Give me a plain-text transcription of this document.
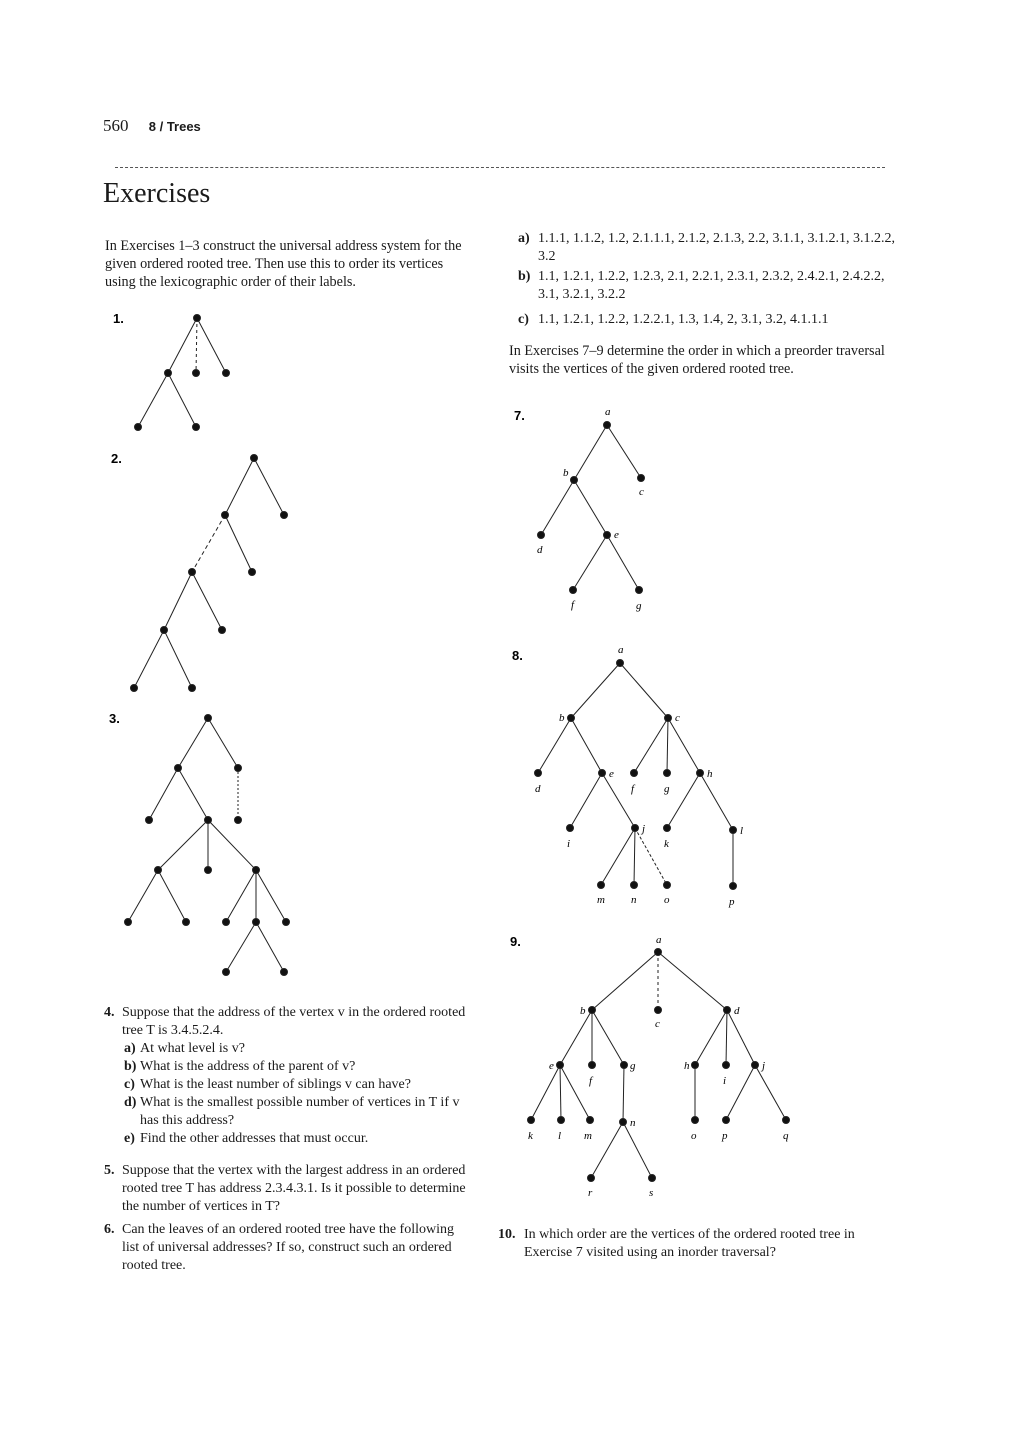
560 8 / Trees
Exercises

In Exercises 1–3 construct the universal address system for the given ordered rooted tree. Then use this to order its vertices using the lexicographic order of their labels.

a) 1.1.1, 1.1.2, 1.2, 2.1.1.1, 2.1.2, 2.1.3, 2.2, 3.1.1, 3.1.2.1, 3.1.2.2, 3.2
b) 1.1, 1.2.1, 1.2.2, 1.2.3, 2.1, 2.2.1, 2.3.1, 2.3.2, 2.4.2.1, 2.4.2.2, 3.1, 3.2.1, 3.2.2
c) 1.1, 1.2.1, 1.2.2, 1.2.2.1, 1.3, 1.4, 2, 3.1, 3.2, 4.1.1.1

In Exercises 7–9 determine the order in which a preorder traversal visits the vertices of the given ordered rooted tree.

1.
2.
3.
7.
8.
9.
a
b
c
d
e
f	g
a
b	c
d
e
f	g
h
i
j
k
l
m n	o	p
a
b
c
d
e
f
g	h
i
j
k l m
n
o p	q
r	s
4. Suppose that the address of the vertex v in the ordered rooted tree T is 3.4.5.2.4.
a) At what level is v?
b) What is the address of the parent of v?
c) What is the least number of siblings v can have?
d) What is the smallest possible number of vertices in T if v has this address?
e) Find the other addresses that must occur.
5. Suppose that the vertex with the largest address in an ordered rooted tree T has address 2.3.4.3.1. Is it possible to determine the number of vertices in T?
6. Can the leaves of an ordered rooted tree have the following list of universal addresses? If so, construct such an ordered rooted tree.
10. In which order are the vertices of the ordered rooted tree in Exercise 7 visited using an inorder traversal?
